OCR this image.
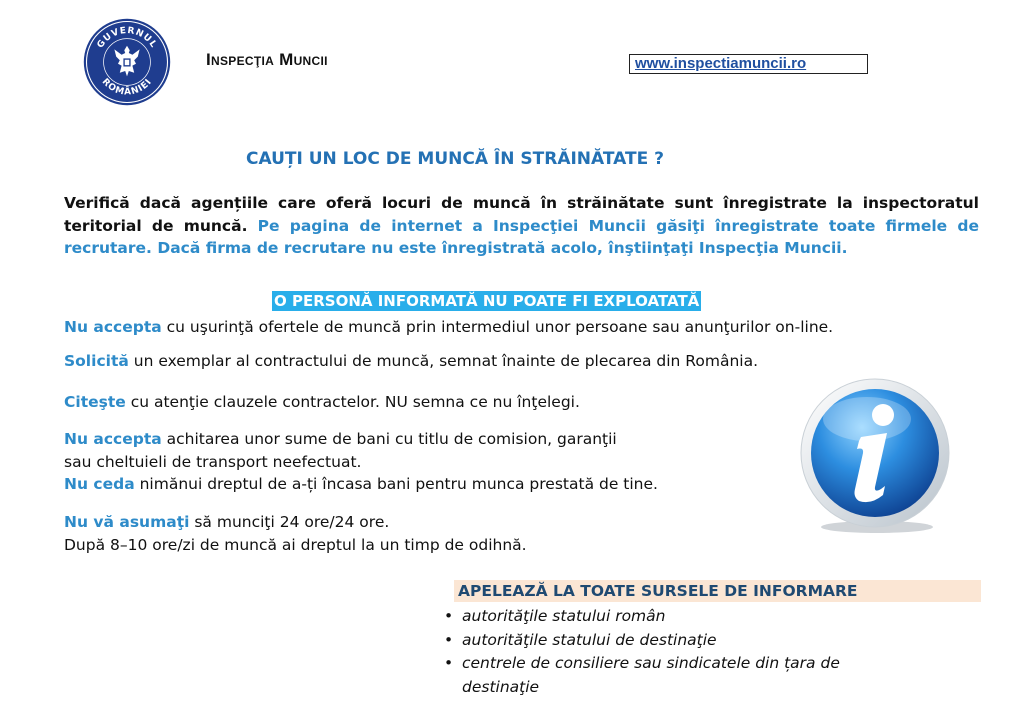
GUVERNUL
ROMÂNIEI
Inspecţia Muncii	www.inspectiamuncii.ro
CAUȚI UN LOC DE MUNCĂ ÎN STRĂINĂTATE ?

Verifică dacă agențiile care oferă locuri de muncă în străinătate sunt înregistrate la inspectoratul teritorial de muncă. Pe pagina de internet a Inspecţiei Muncii găsiţi înregistrate toate firmele de recrutare. Dacă firma de recrutare nu este înregistrată acolo, înştiinţaţi Inspecţia Muncii.

O PERSONĂ INFORMATĂ NU POATE FI EXPLOATATĂ

Nu accepta cu uşurinţă ofertele de muncă prin intermediul unor persoane sau anunţurilor on-line.

Solicită un exemplar al contractului de muncă, semnat înainte de plecarea din România.

Citeşte cu atenţie clauzele contractelor. NU semna ce nu înţelegi.

Nu accepta achitarea unor sume de bani cu titlu de comision, garanţii
sau cheltuieli de transport neefectuat.

Nu ceda nimănui dreptul de a-ți încasa bani pentru munca prestată de tine.

Nu vă asumaţi să munciţi 24 ore/24 ore.
După 8–10 ore/zi de muncă ai dreptul la un timp de odihnă.

APELEAZĂ LA TOATE SURSELE DE INFORMARE
• autorităţile statului român
• autorităţile statului de destinaţie
• centrele de consiliere sau sindicatele din țara de
destinaţie
